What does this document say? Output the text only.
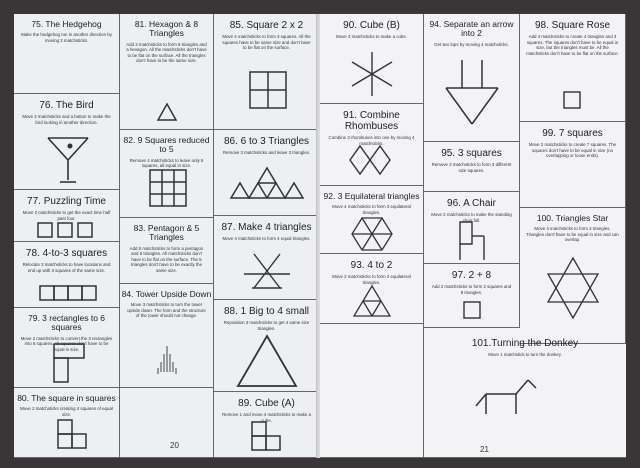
75. The Hedgehog
Make the hedgehog run in another direction by moving 2 matchsticks.
76. The Bird
Move 2 matchsticks and a button to make the bird looking in another direction.
77. Puzzling Time
Move 2 matchsticks to get the exact time half past four.
78. 4-to-3 squares
Relocate 3 matchsticks to have locations and end up with 3 squares of the same size.
79. 3 rectangles to 6 squares
Move 2 matchsticks to convert the 3 rectangles into 6 squares. All squares don't have to be equal in size.
80. The square in squares
Move 2 matchsticks creating 4 squares of equal size.
81. Hexagon & 8 Triangles
Add 3 matchsticks to form 8 triangles and a hexagon. All the matchsticks don't have to be flat on the surface. All the triangles don't have to be the same size.
82. 9 Squares reduced to 5
Remove 4 matchsticks to leave only 5 squares, all equal in size.
83. Pentagon & 5 Triangles
Add 5 matchsticks to form a pentagon and 5 triangles. All matchsticks don't have to be flat on the surface. The 5 triangles don't have to be exactly the same size.
84. Tower Upside Down
Move 3 matchsticks to turn the tower upside down. The form and the structure of the tower should not change.
85. Square 2 x 2
Move 4 matchsticks to form 3 squares. All the squares have to be same size and don't have to be flat on the surface.
86. 6 to 3 Triangles
Remove 3 matchsticks and leave 3 triangles.
87. Make 4 triangles
Move 4 matchsticks to form 4 equal triangles.
88. 1 Big to 4 small
Reposition 3 matchsticks to get 4 same size triangles.
89. Cube (A)
Remove 1 and move 4 matchsticks to make a cube.
20
90. Cube (B)
Move 3 matchsticks to make a cube.
91. Combine Rhombuses
Combine 3 rhombuses into one by moving 4 matchsticks.
92. 3 Equilateral triangles
Move 4 matchsticks to form 3 equilateral triangles.
93. 4 to 2
Move 2 matchsticks to form 2 equilateral triangles.
94. Separate an arrow into 2
Get two lops by moving 4 matchsticks.
95. 3 squares
Remove 2 matchsticks to form 3 different size squares.
96. A Chair
Move 2 matchsticks to make the standing chair fall.
97. 2 + 8
Add 2 matchsticks to form 2 squares and 8 triangles.
98. Square Rose
Add 4 matchsticks to create 4 triangles and 3 squares. The squares don't have to be equal in size, but the triangles must be. All the matchsticks don't have to be flat on the surface.
99. 7 squares
Move 2 matchsticks to create 7 squares. The squares don't have to be equal in size (no overlapping or loose ends).
100. Triangles Star
Move 4 matchsticks to form 2 triangles. Triangles don't have to be equal in size and can overlap.
101.Turning the Donkey
Move 1 matchstick to turn the donkey.
21
